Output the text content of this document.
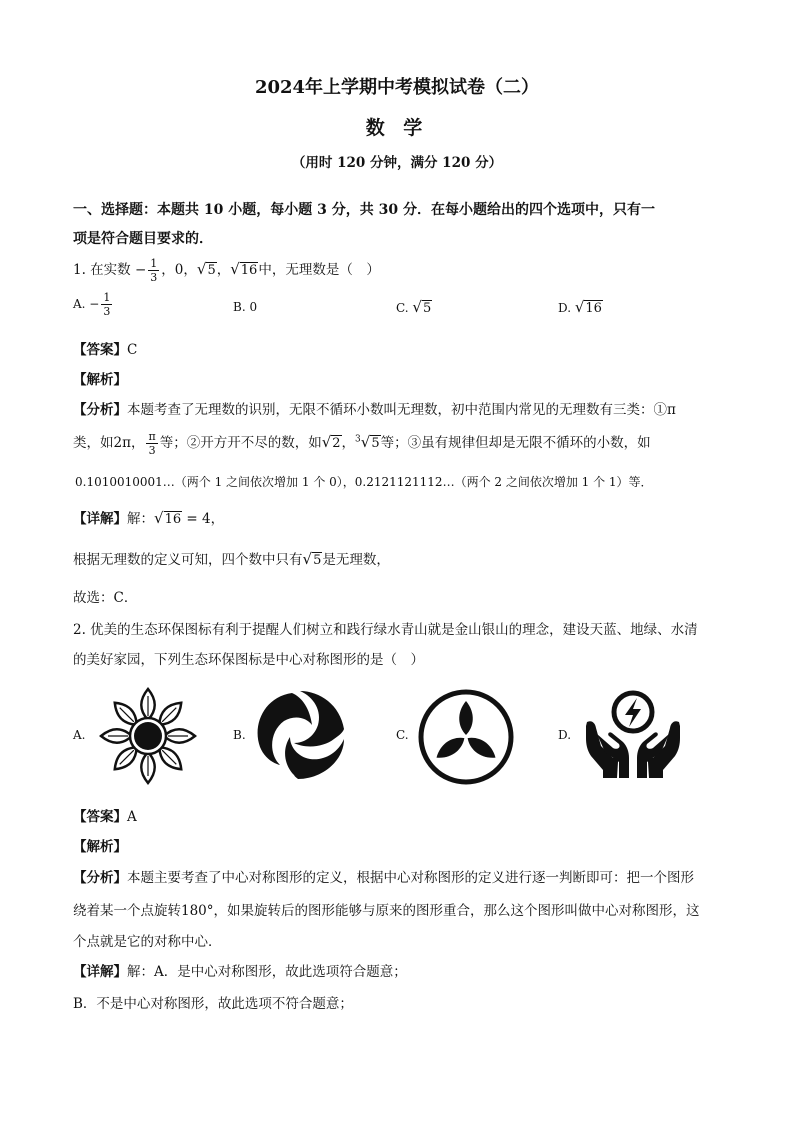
2024年上学期中考模拟试卷（二）
数 学
（用时 120 分钟，满分 120 分）
一、选择题：本题共 10 小题，每小题 3 分，共 30 分．在每小题给出的四个选项中，只有一
项是符合题目要求的．
1. 在实数 − $\frac{1}{3}$ ，0，√5，√16中，无理数是（　）
A. − $\frac{1}{3}$	B. 0	C. √5	D. √16
【答案】C
【解析】
【分析】本题考查了无理数的识别，无限不循环小数叫无理数，初中范围内常见的无理数有三类：①π
类，如2π， $\frac{\pi}{3}$ 等；②开方开不尽的数，如√2，$^3$√5等；③虽有规律但却是无限不循环的小数，如
0.1010010001…（两个 1 之间依次增加 1 个 0），0.2121121112…（两个 2 之间依次增加 1 个 1）等．
【详解】解：√16 = 4，
根据无理数的定义可知，四个数中只有√5是无理数，
故选：C．
2. 优美的生态环保图标有利于提醒人们树立和践行绿水青山就是金山银山的理念，建设天蓝、地绿、水清
的美好家园，下列生态环保图标是中心对称图形的是（　）
A.	B.	C.	D.
【答案】A
【解析】
【分析】本题主要考查了中心对称图形的定义，根据中心对称图形的定义进行逐一判断即可：把一个图形
绕着某一个点旋转180°，如果旋转后的图形能够与原来的图形重合，那么这个图形叫做中心对称图形，这
个点就是它的对称中心．
【详解】解：A．是中心对称图形，故此选项符合题意；
B．不是中心对称图形，故此选项不符合题意；
